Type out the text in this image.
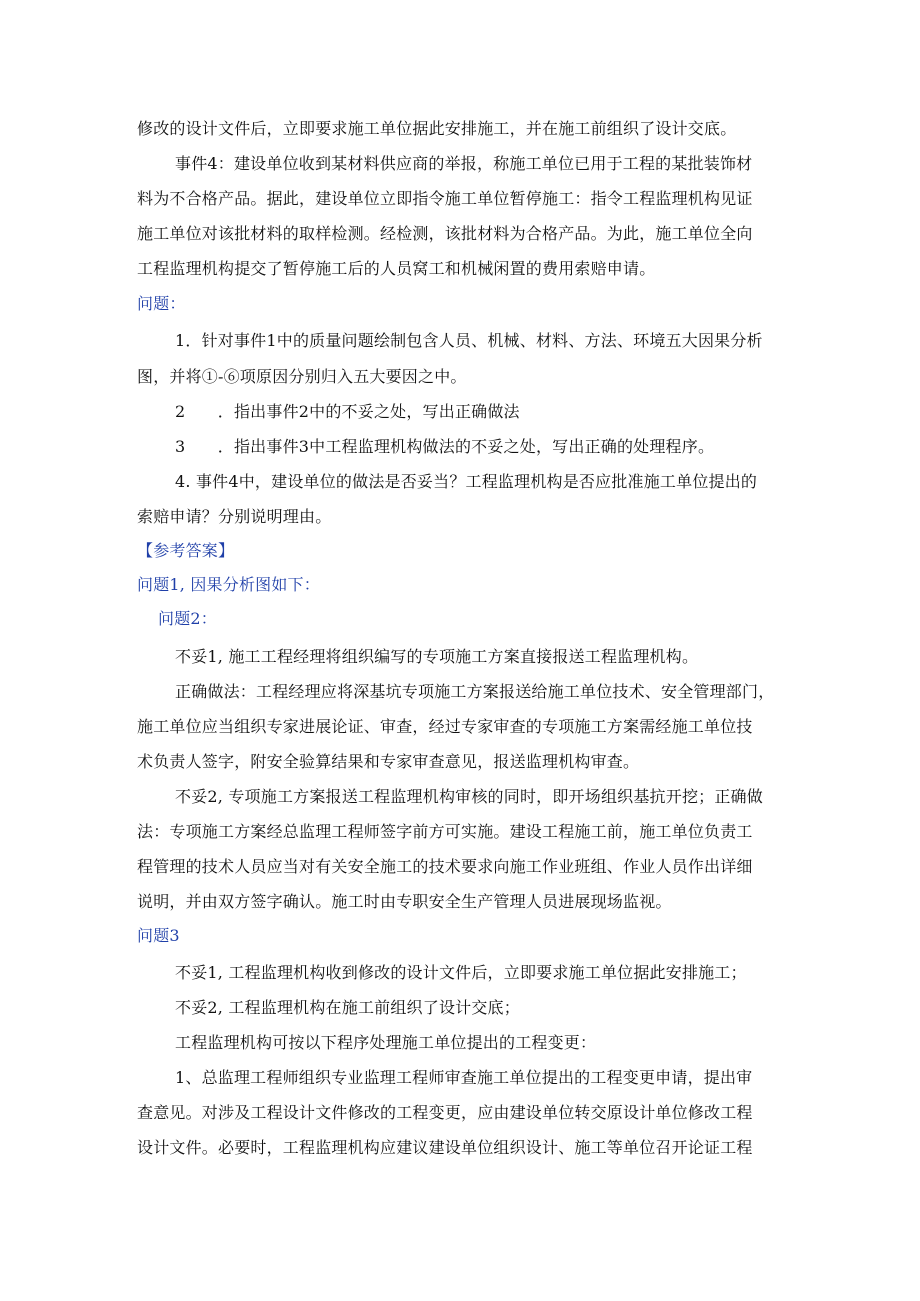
修改的设计文件后，立即要求施工单位据此安排施工，并在施工前组织了设计交底。
事件4：建设单位收到某材料供应商的举报，称施工单位已用于工程的某批装饰材
料为不合格产品。据此，建设单位立即指令施工单位暂停施工：指令工程监理机构见证
施工单位对该批材料的取样检测。经检测，该批材料为合格产品。为此，施工单位全向
工程监理机构提交了暂停施工后的人员窝工和机械闲置的费用索赔申请。
问题：
1．针对事件1中的质量问题绘制包含人员、机械、材料、方法、环境五大因果分析
图，并将①-⑥项原因分别归入五大要因之中。
2　　．指出事件2中的不妥之处，写出正确做法
3　　．指出事件3中工程监理机构做法的不妥之处，写出正确的处理程序。
4. 事件4中，建设单位的做法是否妥当？工程监理机构是否应批准施工单位提出的
索赔申请？分别说明理由。
【参考答案】
问题1, 因果分析图如下：
问题2：
不妥1, 施工工程经理将组织编写的专项施工方案直接报送工程监理机构。
正确做法：工程经理应将深基坑专项施工方案报送给施工单位技术、安全管理部门，
施工单位应当组织专家进展论证、审查，经过专家审查的专项施工方案需经施工单位技
术负责人签字，附安全验算结果和专家审查意见，报送监理机构审查。
不妥2, 专项施工方案报送工程监理机构审核的同时，即开场组织基抗开挖；正确做
法：专项施工方案经总监理工程师签字前方可实施。建设工程施工前，施工单位负责工
程管理的技术人员应当对有关安全施工的技术要求向施工作业班组、作业人员作出详细
说明，并由双方签字确认。施工时由专职安全生产管理人员进展现场监视。
问题3
不妥1, 工程监理机构收到修改的设计文件后，立即要求施工单位据此安排施工；
不妥2, 工程监理机构在施工前组织了设计交底；
工程监理机构可按以下程序处理施工单位提出的工程变更：
1、总监理工程师组织专业监理工程师审查施工单位提出的工程变更申请，提出审
查意见。对涉及工程设计文件修改的工程变更，应由建设单位转交原设计单位修改工程
设计文件。必要时，工程监理机构应建议建设单位组织设计、施工等单位召开论证工程
